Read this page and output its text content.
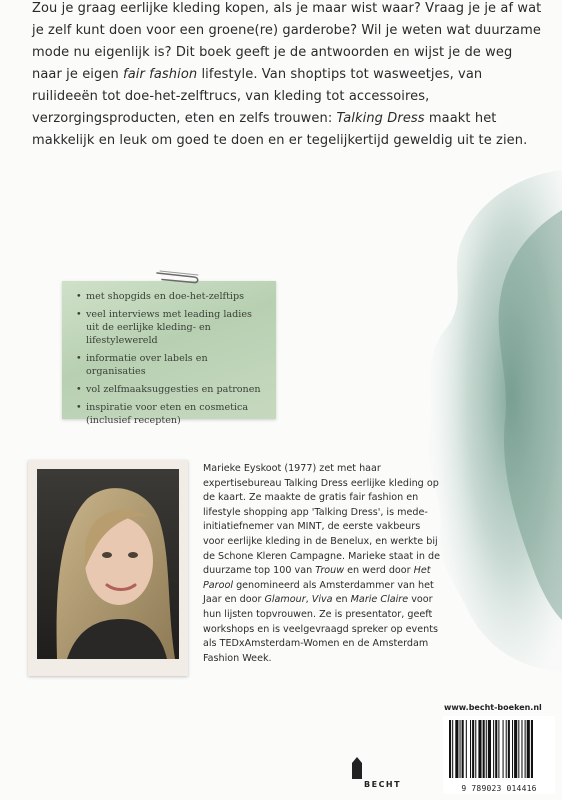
Zou je graag eerlijke kleding kopen, als je maar wist waar? Vraag je je af wat je zelf kunt doen voor een groene(re) garderobe? Wil je weten wat duurzame mode nu eigenlijk is? Dit boek geeft je de antwoorden en wijst je de weg naar je eigen fair fashion lifestyle. Van shoptips tot wasweetjes, van ruilideeën tot doe-het-zelftrucs, van kleding tot accessoires, verzorgingsproducten, eten en zelfs trouwen: Talking Dress maakt het makkelijk en leuk om goed te doen en er tegelijkertijd geweldig uit te zien.

• met shopgids en doe-het-zelftips
• veel interviews met leading ladies uit de eerlijke kleding- en lifestylewereld
• informatie over labels en organisaties
• vol zelfmaaksuggesties en patronen
• inspiratie voor eten en cosmetica (inclusief recepten)

Marieke Eyskoot (1977) zet met haar expertisebureau Talking Dress eerlijke kleding op de kaart. Ze maakte de gratis fair fashion en lifestyle shopping app 'Talking Dress', is mede-initiatiefnemer van MINT, de eerste vakbeurs voor eerlijke kleding in de Benelux, en werkte bij de Schone Kleren Campagne. Marieke staat in de duurzame top 100 van Trouw en werd door Het Parool genomineerd als Amsterdammer van het Jaar en door Glamour, Viva en Marie Claire voor hun lijsten topvrouwen. Ze is presentator, geeft workshops en is veelgevraagd spreker op events als TEDxAmsterdam-Women en de Amsterdam Fashion Week.

www.becht-boeken.nl
BECHT	9 789023 014416
